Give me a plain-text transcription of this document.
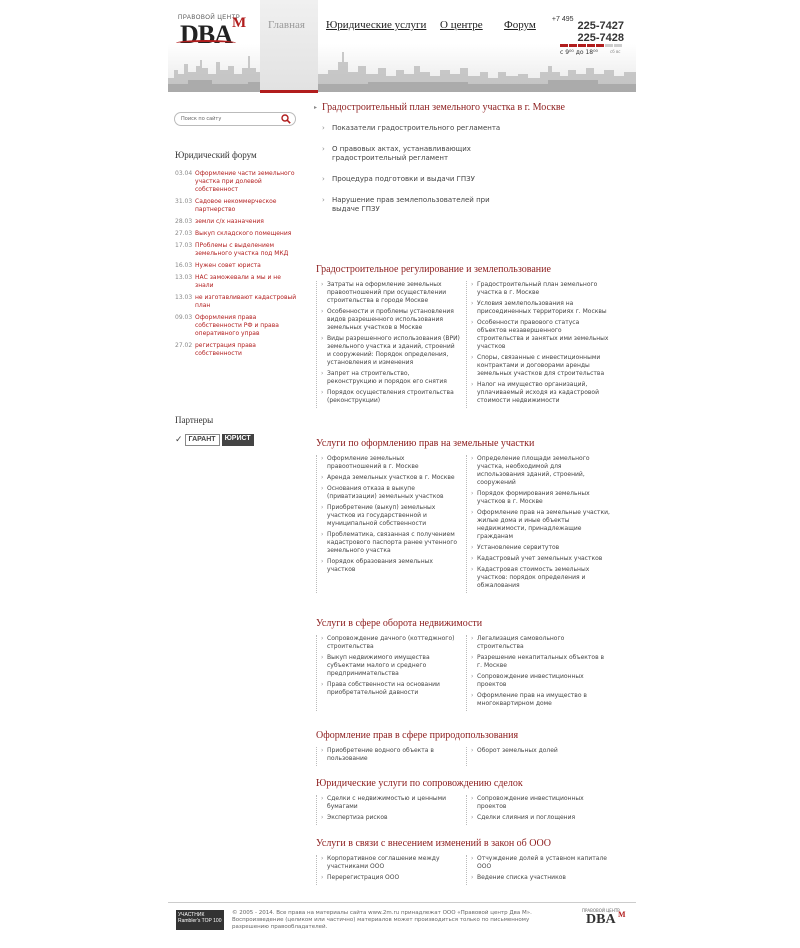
ПРАВОВОЙ ЦЕНТР
DBA M Главная Юридические услуги О центре Форум $^{+7 495}$225-7427
225-7428
с 9⁰⁰ до 18⁰⁰	сб вс
Поиск по сайту
Юридический форум
03.04 Оформление части земельного участка при долевой собственност
31.03 Садовое некоммерческое партнерство
28.03 земли с/х назначения
27.03 Выкуп складского помещения
17.03 ПРоблемы с выделением земельного участка под МКД
16.03 Нужен совет юриста
13.03 НАС заможевали а мы и не знали
13.03 не изготавливают кадастровый план
09.03 Оформления права собственности РФ и права оперативного управ
27.02 регистрация права собственности
Партнеры
✓ ГАРАНТ	ЮРИСТ
▸ Градостроительный план земельного участка в г. Москве
›	Показатели градостроительного регламента
›	О правовых актах, устанавливающих градостроительный регламент
›	Процедура подготовки и выдачи ГПЗУ
›	Нарушение прав землепользователей при выдаче ГПЗУ
Градостроительное регулирование и землепользование
› Затраты на оформление земельных правоотношений при осуществлении строительства в городе Москве
› Особенности и проблемы установления видов разрешенного использования земельных участков в Москве
› Виды разрешенного использования (ВРИ) земельного участка и зданий, строений и сооружений: Порядок определения, установления и изменения
› Запрет на строительство, реконструкцию и порядок его снятия
› Порядок осуществления строительства (реконструкции)
› Градостроительный план земельного участка в г. Москве
› Условия землепользования на присоединенных территориях г. Москвы
› Особенности правового статуса объектов незавершенного строительства и занятых ими земельных участков
› Споры, связанные с инвестиционными контрактами и договорами аренды земельных участков для строительства
› Налог на имущество организаций, уплачиваемый исходя из кадастровой стоимости недвижимости
Услуги по оформлению прав на земельные участки
› Оформление земельных правоотношений в г. Москве
› Аренда земельных участков в г. Москве
› Основания отказа в выкупе (приватизации) земельных участков
› Приобретение (выкуп) земельных участков из государственной и муниципальной собственности
› Проблематика, связанная с получением кадастрового паспорта ранее учтенного земельного участка
› Порядок образования земельных участков
› Определение площади земельного участка, необходимой для использования зданий, строений, сооружений
› Порядок формирования земельных участков в г. Москве
› Оформление прав на земельные участки, жилые дома и иные объекты недвижимости, принадлежащие гражданам
› Установление сервитутов
› Кадастровый учет земельных участков
› Кадастровая стоимость земельных участков: порядок определения и обжалования
Услуги в сфере оборота недвижимости
› Сопровождение дачного (коттеджного) строительства
› Выкуп недвижимого имущества субъектами малого и среднего предпринимательства
› Права собственности на основании приобретательной давности
› Легализация самовольного строительства
› Разрешение некапитальных объектов в г. Москве
› Сопровождение инвестиционных проектов
› Оформление прав на имущество в многоквартирном доме
Оформление прав в сфере природопользования
› Приобретение водного объекта в пользование
› Оборот земельных долей
Юридические услуги по сопровождению сделок
› Сделки с недвижимостью и ценными бумагами
› Экспертиза рисков
› Сопровождение инвестиционных проектов
› Сделки слияния и поглощения
Услуги в связи с внесением изменений в закон об ООО
› Корпоративное соглашение между участниками ООО
› Перерегистрация ООО
› Отчуждение долей в уставном капитале ООО
› Ведение списка участников
УЧАСТНИК Rambler's TOP 100
© 2005 - 2014. Все права на материалы сайта www.2m.ru принадлежат ООО «Правовой центр Два М». Воспроизведение (целиком или частично) материалов может производиться только по письменному разрешению правообладателей.
ПРАВОВОЙ ЦЕНТР
DBA M
